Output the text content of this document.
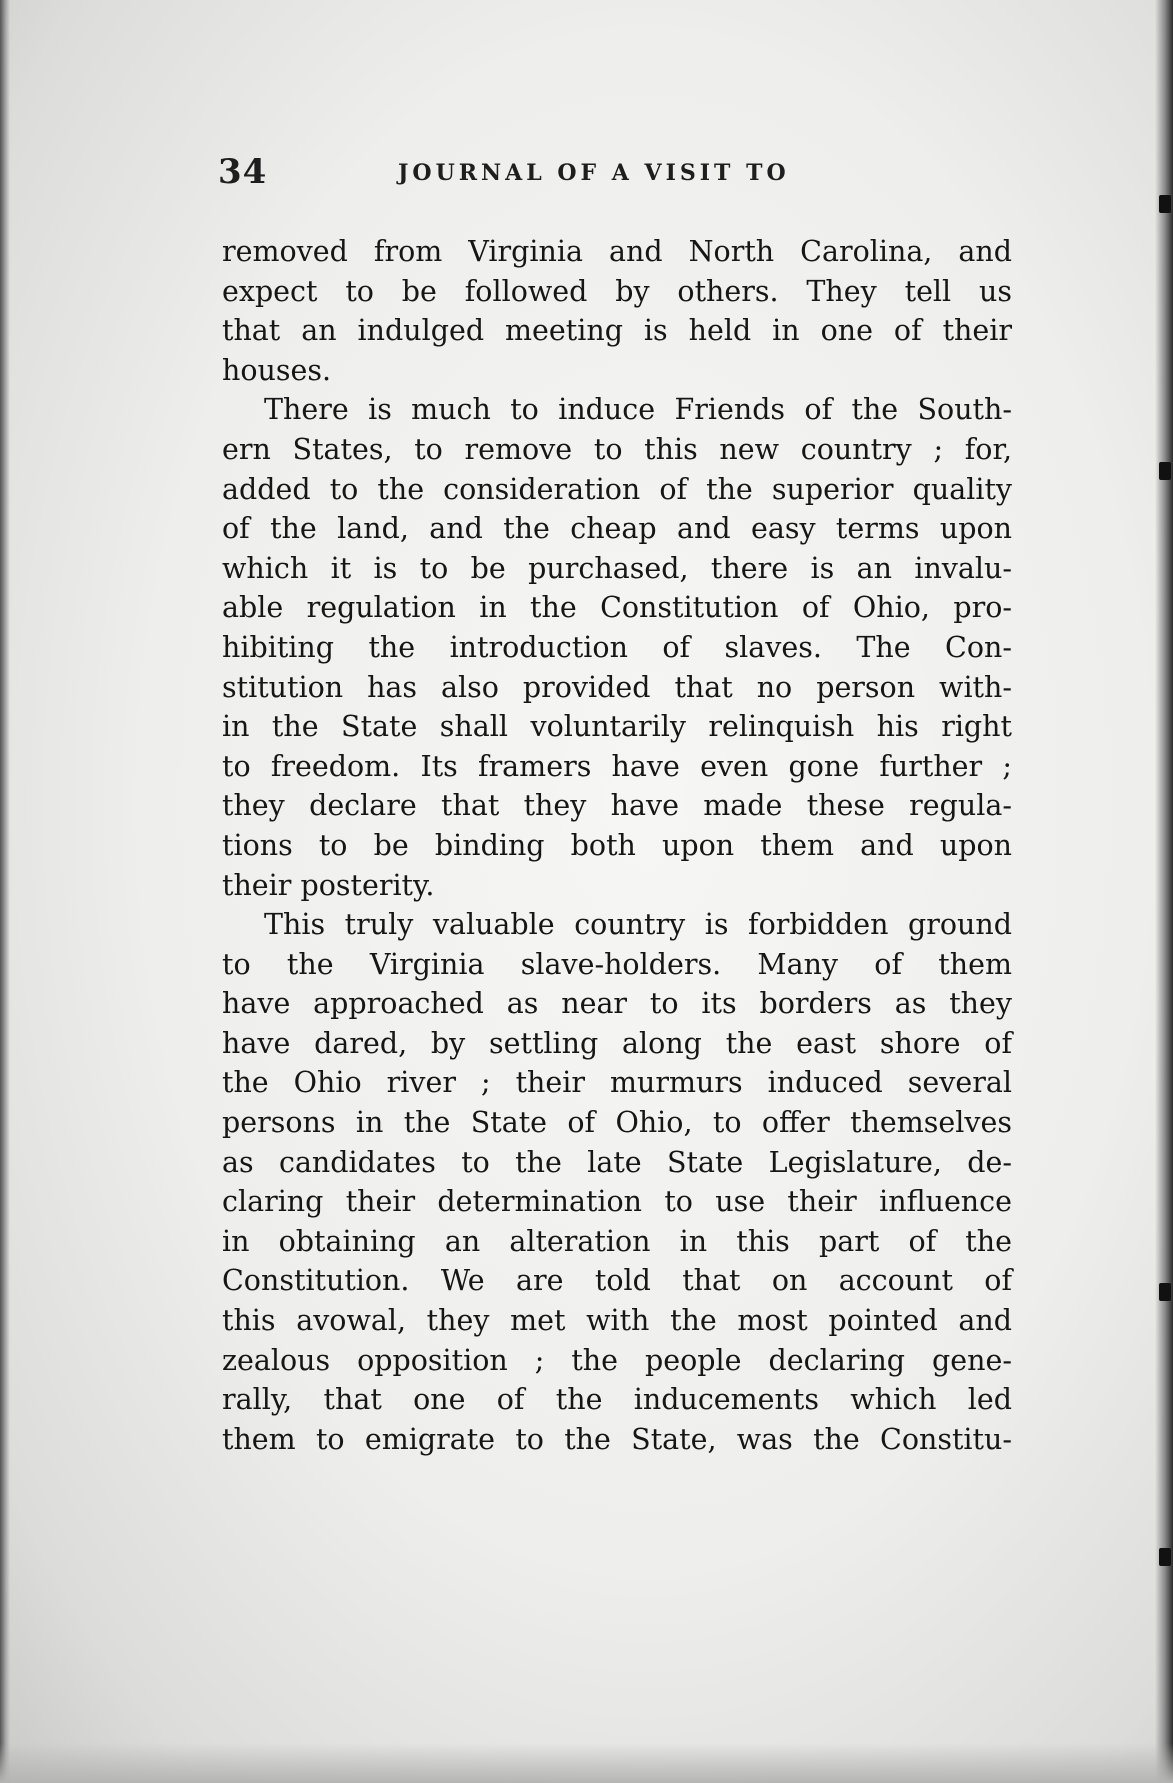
34	JOURNAL OF A VISIT TO
removed from Virginia and North Carolina, and
expect to be followed by others. They tell us
that an indulged meeting is held in one of their
houses.
There is much to induce Friends of the South-
ern States, to remove to this new country ; for,
added to the consideration of the superior quality
of the land, and the cheap and easy terms upon
which it is to be purchased, there is an invalu-
able regulation in the Constitution of Ohio, pro-
hibiting the introduction of slaves. The Con-
stitution has also provided that no person with-
in the State shall voluntarily relinquish his right
to freedom. Its framers have even gone further ;
they declare that they have made these regula-
tions to be binding both upon them and upon
their posterity.
This truly valuable country is forbidden ground
to the Virginia slave-holders. Many of them
have approached as near to its borders as they
have dared, by settling along the east shore of
the Ohio river ; their murmurs induced several
persons in the State of Ohio, to offer themselves
as candidates to the late State Legislature, de-
claring their determination to use their influence
in obtaining an alteration in this part of the
Constitution. We are told that on account of
this avowal, they met with the most pointed and
zealous opposition ; the people declaring gene-
rally, that one of the inducements which led
them to emigrate to the State, was the Constitu-
